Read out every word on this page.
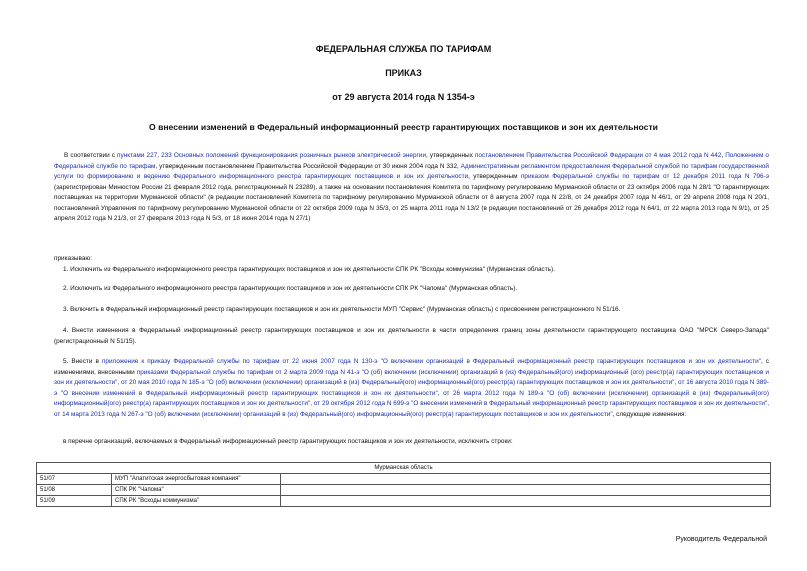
ФЕДЕРАЛЬНАЯ СЛУЖБА ПО ТАРИФАМ
ПРИКАЗ
от 29 августа 2014 года N 1354-э
О внесении изменений в Федеральный информационный реестр гарантирующих поставщиков и зон их деятельности
В соответствии с пунктами 227, 233 Основных положений функционирования розничных рынков электрической энергии, утвержденных постановлением Правительства Российской Федерации от 4 мая 2012 года N 442, Положением о Федеральной службе по тарифам, утвержденным постановлением Правительства Российской Федерации от 30 июня 2004 года N 332, Административным регламентом предоставления Федеральной службой по тарифам государственной услуги по формированию и ведению Федерального информационного реестра гарантирующих поставщиков и зон их деятельности, утвержденным приказом Федеральной службы по тарифам от 12 декабря 2011 года N 796-э (зарегистрирован Минюстом России 21 февраля 2012 года, регистрационный N 23289), а также на основании постановления Комитета по тарифному регулированию Мурманской области от 23 октября 2006 года N 28/1 "О гарантирующих поставщиках на территории Мурманской области" (в редакции постановлений Комитета по тарифному регулированию Мурманской области от 8 августа 2007 года N 22/8, от 24 декабря 2007 года N 46/1, от 29 апреля 2008 года N 20/1, постановлений Управления по тарифному регулированию Мурманской области от 22 октября 2009 года N 35/3, от 25 марта 2011 года N 13/2 (в редакции постановлений от 26 декабря 2012 года N 64/1, от 22 марта 2013 года N 9/1), от 25 апреля 2012 года N 21/3, от 27 февраля 2013 года N 5/3, от 18 июня 2014 года N 27/1)
приказываю:
1. Исключить из Федерального информационного реестра гарантирующих поставщиков и зон их деятельности СПК РК "Всходы коммунизма" (Мурманская область).
2. Исключить из Федерального информационного реестра гарантирующих поставщиков и зон их деятельности СПК РК "Чапома" (Мурманская область).
3. Включить в Федеральный информационный реестр гарантирующих поставщиков и зон их деятельности МУП "Сервис" (Мурманская область) с присвоением регистрационного N 51/16.
4. Внести изменения в Федеральный информационный реестр гарантирующих поставщиков и зон их деятельности в части определения границ зоны деятельности гарантирующего поставщика ОАО "МРСК Северо-Запада" (регистрационный N 51/15).
5. Внести в приложение к приказу Федеральной службы по тарифам от 22 июня 2007 года N 130-э "О включении организаций в Федеральный информационный реестр гарантирующих поставщиков и зон их деятельности", с изменениями, внесенными приказами Федеральной службы по тарифам от 2 марта 2009 года N 41-э "О (об) включении (исключении) организаций в (из) Федеральный(ого) информационный (ого) реестр(а) гарантирующих поставщиков и зон их деятельности", от 20 мая 2010 года N 185-э "О (об) включении (исключении) организаций в (из) Федеральный(ого) информационный(ого) реестр(а) гарантирующих поставщиков и зон их деятельности", от 16 августа 2010 года N 389-э "О внесении изменений в Федеральный информационный реестр гарантирующих поставщиков и зон их деятельности", от 26 марта 2012 года N 189-э "О (об) включении (исключении) организаций в (из) Федеральный(ого) информационный(ого) реестр(а) гарантирующих поставщиков и зон их деятельности", от 29 октября 2012 года N 699-э "О внесении изменений в Федеральный информационный реестр гарантирующих поставщиков и зон их деятельности", от 14 марта 2013 года N 267-э "О (об) включении (исключении) организаций в (из) Федеральный(ого) информационный(ого) реестр(а) гарантирующих поставщиков и зон их деятельности", следующие изменения:
в перечне организаций, включаемых в Федеральный информационный реестр гарантирующих поставщиков и зон их деятельности, исключить строки:
Мурманская область		
51/07	МУП "Апатитская энергосбытовая компания"	
51/08	СПК РК "Чапома"	
51/09	СПК РК "Всходы коммунизма"	
Руководитель Федеральной
